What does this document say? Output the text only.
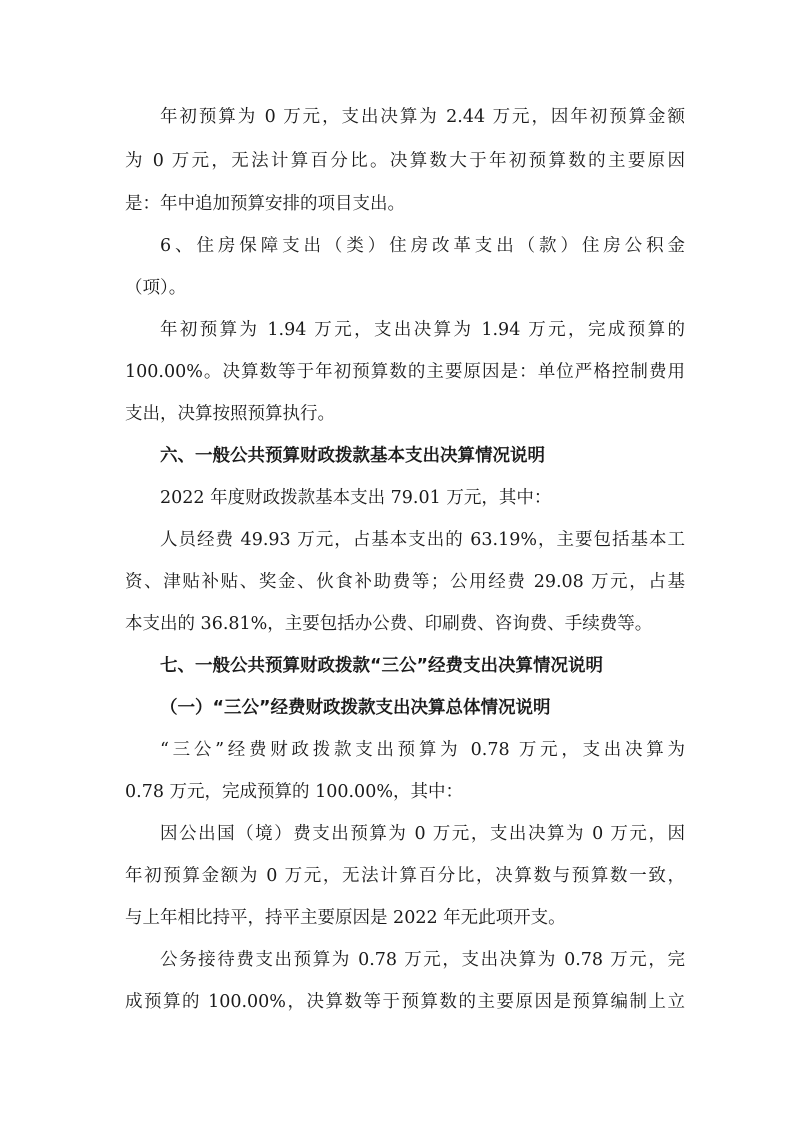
年初预算为 0 万元，支出决算为 2.44 万元，因年初预算金额
为 0 万元，无法计算百分比。决算数大于年初预算数的主要原因
是：年中追加预算安排的项目支出。
6、住房保障支出（类）住房改革支出（款）住房公积金
（项）。
年初预算为 1.94 万元，支出决算为 1.94 万元，完成预算的
100.00%。决算数等于年初预算数的主要原因是：单位严格控制费用
支出，决算按照预算执行。
六、一般公共预算财政拨款基本支出决算情况说明
2022 年度财政拨款基本支出 79.01 万元，其中：
人员经费 49.93 万元，占基本支出的 63.19%，主要包括基本工
资、津贴补贴、奖金、伙食补助费等；公用经费 29.08 万元，占基
本支出的 36.81%，主要包括办公费、印刷费、咨询费、手续费等。
七、一般公共预算财政拨款“三公”经费支出决算情况说明
（一）“三公”经费财政拨款支出决算总体情况说明
“三公”经费财政拨款支出预算为 0.78 万元，支出决算为
0.78 万元，完成预算的 100.00%，其中：
因公出国（境）费支出预算为 0 万元，支出决算为 0 万元，因
年初预算金额为 0 万元，无法计算百分比，决算数与预算数一致，
与上年相比持平，持平主要原因是 2022 年无此项开支。
公务接待费支出预算为 0.78 万元，支出决算为 0.78 万元，完
成预算的 100.00%，决算数等于预算数的主要原因是预算编制上立
